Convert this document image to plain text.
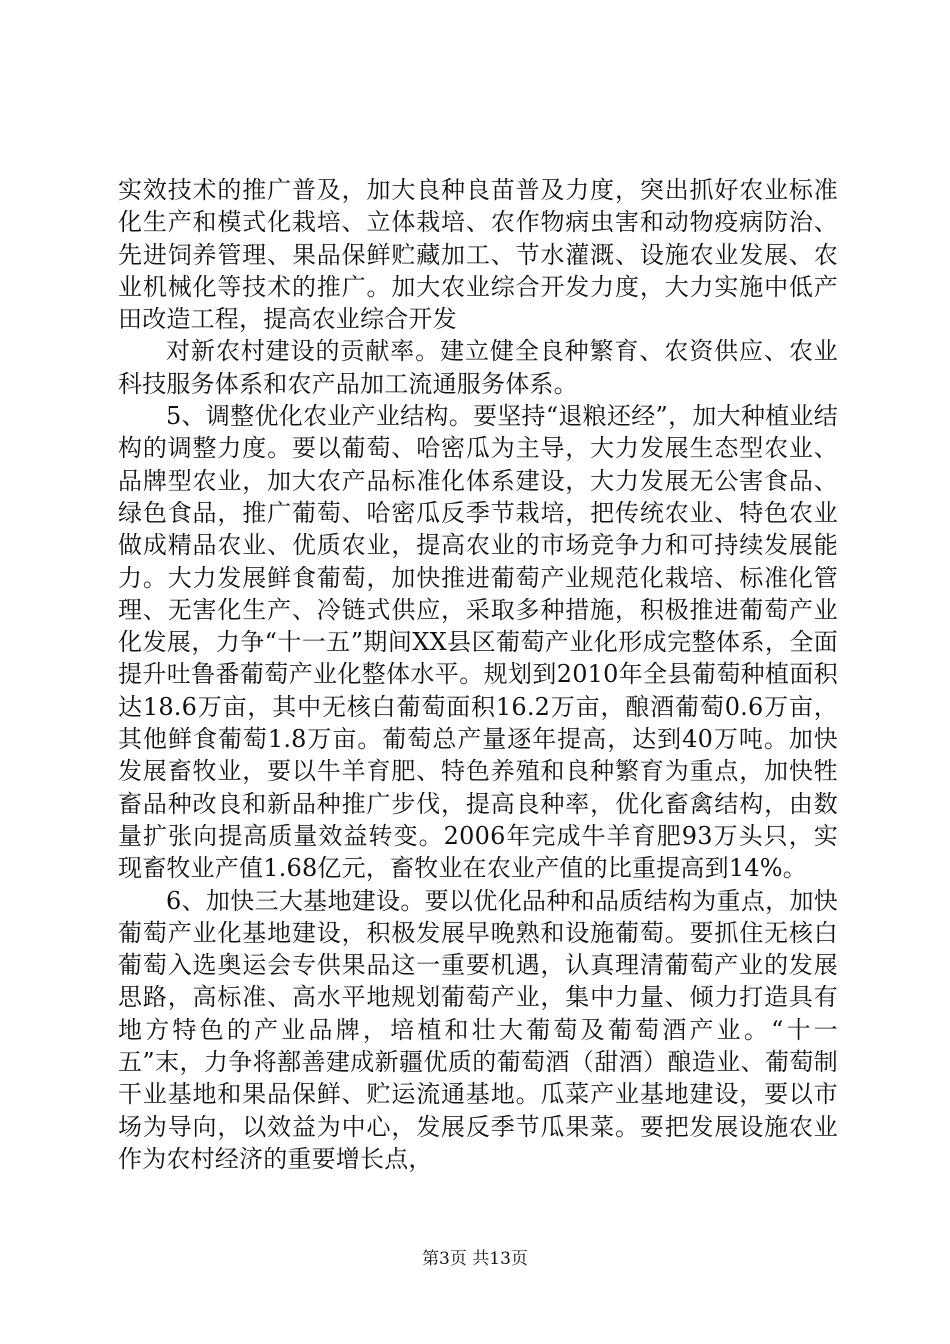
实效技术的推广普及，加大良种良苗普及力度，突出抓好农业标准化生产和模式化栽培、立体栽培、农作物病虫害和动物疫病防治、先进饲养管理、果品保鲜贮藏加工、节水灌溉、设施农业发展、农业机械化等技术的推广。加大农业综合开发力度，大力实施中低产田改造工程，提高农业综合开发

对新农村建设的贡献率。建立健全良种繁育、农资供应、农业科技服务体系和农产品加工流通服务体系。

5、调整优化农业产业结构。要坚持“退粮还经”，加大种植业结构的调整力度。要以葡萄、哈密瓜为主导，大力发展生态型农业、品牌型农业，加大农产品标准化体系建设，大力发展无公害食品、绿色食品，推广葡萄、哈密瓜反季节栽培，把传统农业、特色农业做成精品农业、优质农业，提高农业的市场竞争力和可持续发展能力。大力发展鲜食葡萄，加快推进葡萄产业规范化栽培、标准化管理、无害化生产、冷链式供应，采取多种措施，积极推进葡萄产业化发展，力争“十一五”期间XX县区葡萄产业化形成完整体系，全面提升吐鲁番葡萄产业化整体水平。规划到2010年全县葡萄种植面积达18.6万亩，其中无核白葡萄面积16.2万亩，酿酒葡萄0.6万亩，其他鲜食葡萄1.8万亩。葡萄总产量逐年提高，达到40万吨。加快发展畜牧业，要以牛羊育肥、特色养殖和良种繁育为重点，加快牲畜品种改良和新品种推广步伐，提高良种率，优化畜禽结构，由数量扩张向提高质量效益转变。2006年完成牛羊育肥93万头只，实现畜牧业产值1.68亿元，畜牧业在农业产值的比重提高到14%。

6、加快三大基地建设。要以优化品种和品质结构为重点，加快葡萄产业化基地建设，积极发展早晚熟和设施葡萄。要抓住无核白葡萄入选奥运会专供果品这一重要机遇，认真理清葡萄产业的发展思路，高标准、高水平地规划葡萄产业，集中力量、倾力打造具有地方特色的产业品牌，培植和壮大葡萄及葡萄酒产业。“十一五”末，力争将鄯善建成新疆优质的葡萄酒（甜酒）酿造业、葡萄制干业基地和果品保鲜、贮运流通基地。瓜菜产业基地建设，要以市场为导向，以效益为中心，发展反季节瓜果菜。要把发展设施农业作为农村经济的重要增长点，

第3页 共13页
